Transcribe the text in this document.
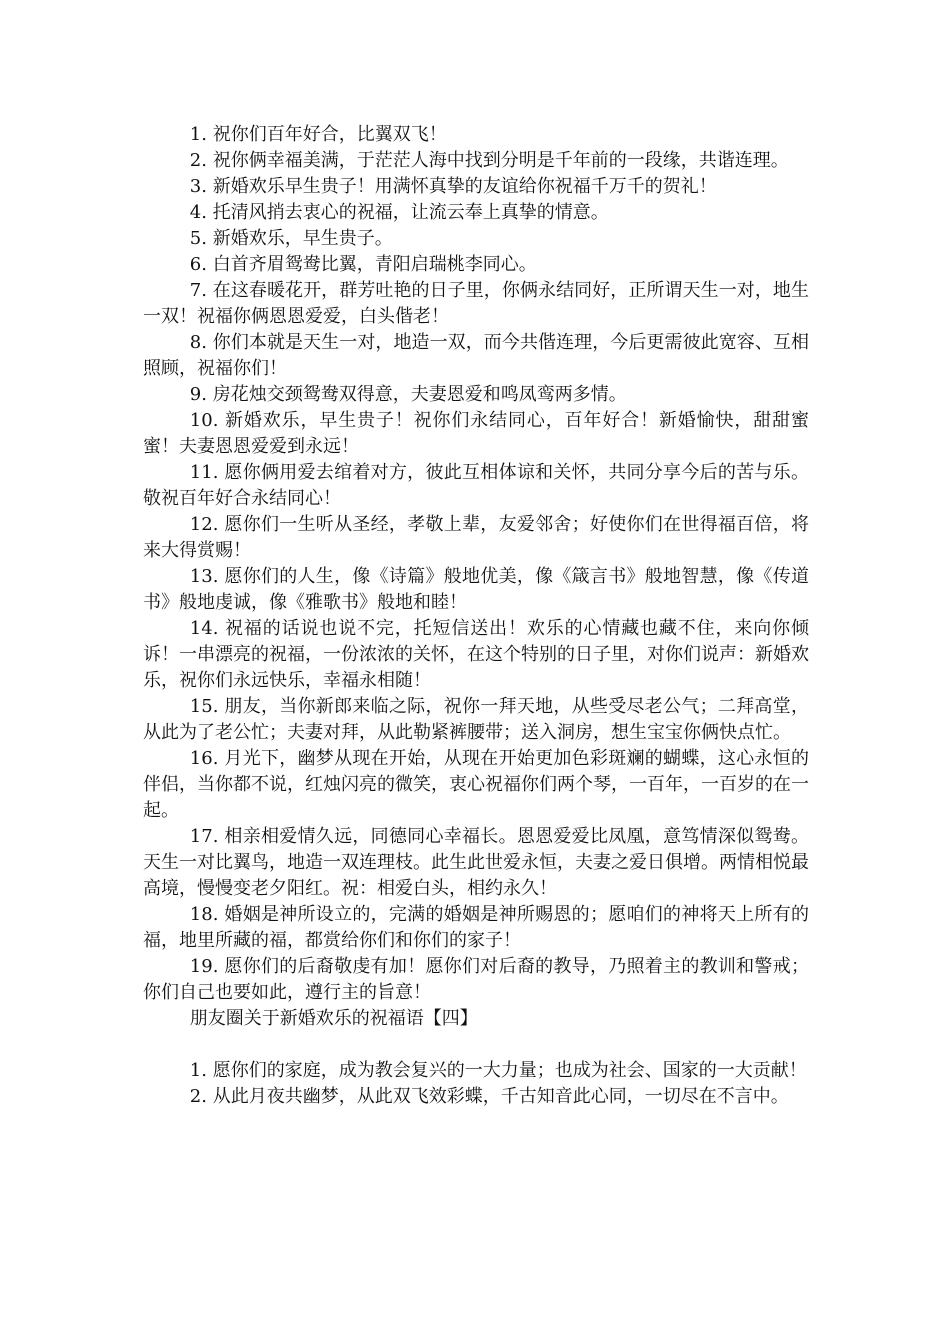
1. 祝你们百年好合，比翼双飞！

2. 祝你俩幸福美满，于茫茫人海中找到分明是千年前的一段缘，共谐连理。

3. 新婚欢乐早生贵子！用满怀真挚的友谊给你祝福千万千的贺礼！

4. 托清风捎去衷心的祝福，让流云奉上真挚的情意。

5. 新婚欢乐，早生贵子。

6. 白首齐眉鸳鸯比翼，青阳启瑞桃李同心。

7. 在这春暖花开，群芳吐艳的日子里，你俩永结同好，正所谓天生一对，地生一双！祝福你俩恩恩爱爱，白头偕老！

8. 你们本就是天生一对，地造一双，而今共偕连理，今后更需彼此宽容、互相照顾，祝福你们！

9. 房花烛交颈鸳鸯双得意，夫妻恩爱和鸣凤鸾两多情。

10. 新婚欢乐，早生贵子！祝你们永结同心，百年好合！新婚愉快，甜甜蜜蜜！夫妻恩恩爱爱到永远！

11. 愿你俩用爱去绾着对方，彼此互相体谅和关怀，共同分享今后的苦与乐。敬祝百年好合永结同心！

12. 愿你们一生听从圣经，孝敬上辈，友爱邻舍；好使你们在世得福百倍，将来大得赏赐！

13. 愿你们的人生，像《诗篇》般地优美，像《箴言书》般地智慧，像《传道书》般地虔诚，像《雅歌书》般地和睦！

14. 祝福的话说也说不完，托短信送出！欢乐的心情藏也藏不住，来向你倾诉！一串漂亮的祝福，一份浓浓的关怀，在这个特别的日子里，对你们说声：新婚欢乐，祝你们永远快乐，幸福永相随！

15. 朋友，当你新郎来临之际，祝你一拜天地，从些受尽老公气；二拜高堂，从此为了老公忙；夫妻对拜，从此勒紧裤腰带；送入洞房，想生宝宝你俩快点忙。

16. 月光下，幽梦从现在开始，从现在开始更加色彩斑斓的蝴蝶，这心永恒的伴侣，当你都不说，红烛闪亮的微笑，衷心祝福你们两个琴，一百年，一百岁的在一起。

17. 相亲相爱情久远，同德同心幸福长。恩恩爱爱比凤凰，意笃情深似鸳鸯。天生一对比翼鸟，地造一双连理枝。此生此世爱永恒，夫妻之爱日俱增。两情相悦最高境，慢慢变老夕阳红。祝：相爱白头，相约永久！

18. 婚姻是神所设立的，完满的婚姻是神所赐恩的；愿咱们的神将天上所有的福，地里所藏的福，都赏给你们和你们的家子！

19. 愿你们的后裔敬虔有加！愿你们对后裔的教导，乃照着主的教训和警戒；你们自己也要如此，遵行主的旨意！

朋友圈关于新婚欢乐的祝福语【四】

1. 愿你们的家庭，成为教会复兴的一大力量；也成为社会、国家的一大贡献！

2. 从此月夜共幽梦，从此双飞效彩蝶，千古知音此心同，一切尽在不言中。
